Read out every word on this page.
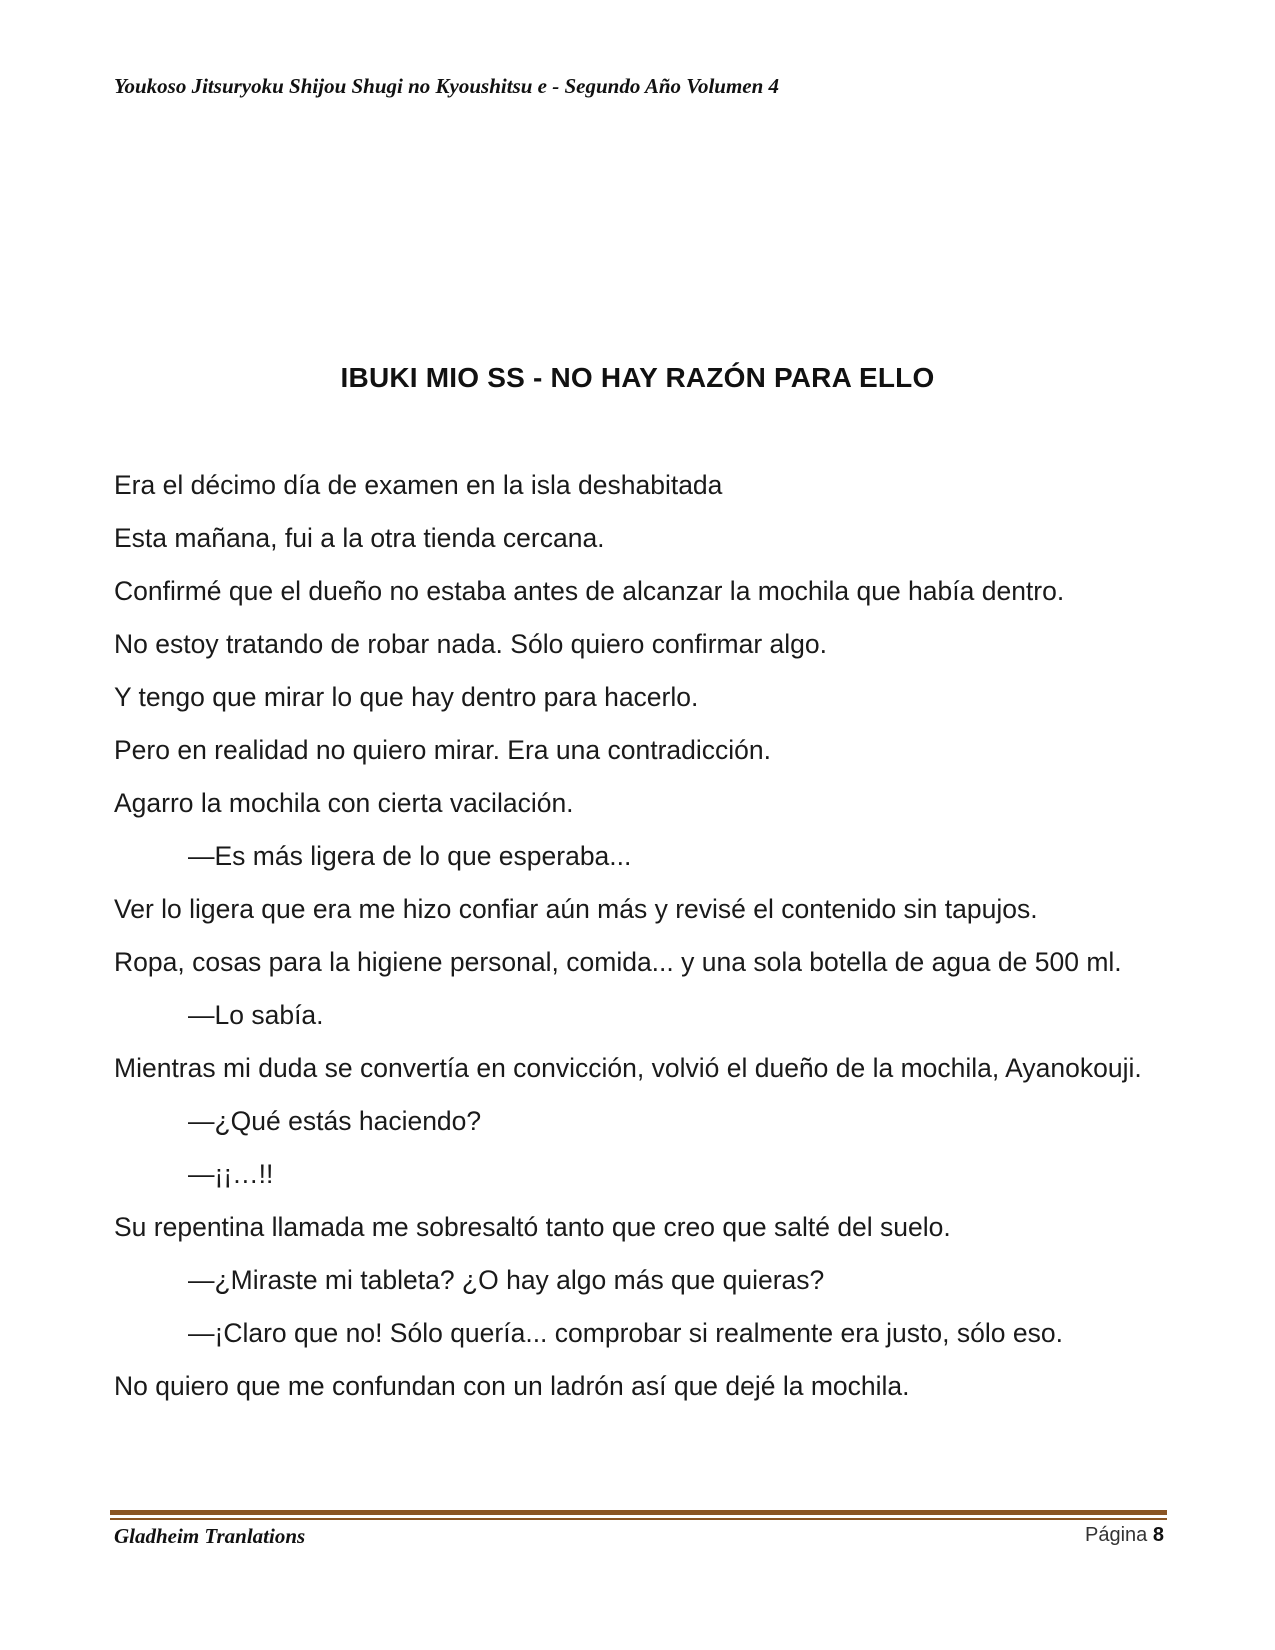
Youkoso Jitsuryoku Shijou Shugi no Kyoushitsu e - Segundo Año Volumen 4
IBUKI MIO SS - NO HAY RAZÓN PARA ELLO

Era el décimo día de examen en la isla deshabitada

Esta mañana, fui a la otra tienda cercana.

Confirmé que el dueño no estaba antes de alcanzar la mochila que había dentro.

No estoy tratando de robar nada. Sólo quiero confirmar algo.

Y tengo que mirar lo que hay dentro para hacerlo.

Pero en realidad no quiero mirar. Era una contradicción.

Agarro la mochila con cierta vacilación.

—Es más ligera de lo que esperaba...

Ver lo ligera que era me hizo confiar aún más y revisé el contenido sin tapujos.

Ropa, cosas para la higiene personal, comida... y una sola botella de agua de 500 ml.

—Lo sabía.

Mientras mi duda se convertía en convicción, volvió el dueño de la mochila, Ayanokouji.

—¿Qué estás haciendo?

—¡¡…!!

Su repentina llamada me sobresaltó tanto que creo que salté del suelo.

—¿Miraste mi tableta? ¿O hay algo más que quieras?

—¡Claro que no! Sólo quería... comprobar si realmente era justo, sólo eso.

No quiero que me confundan con un ladrón así que dejé la mochila.

Gladheim Tranlations	Página 8
